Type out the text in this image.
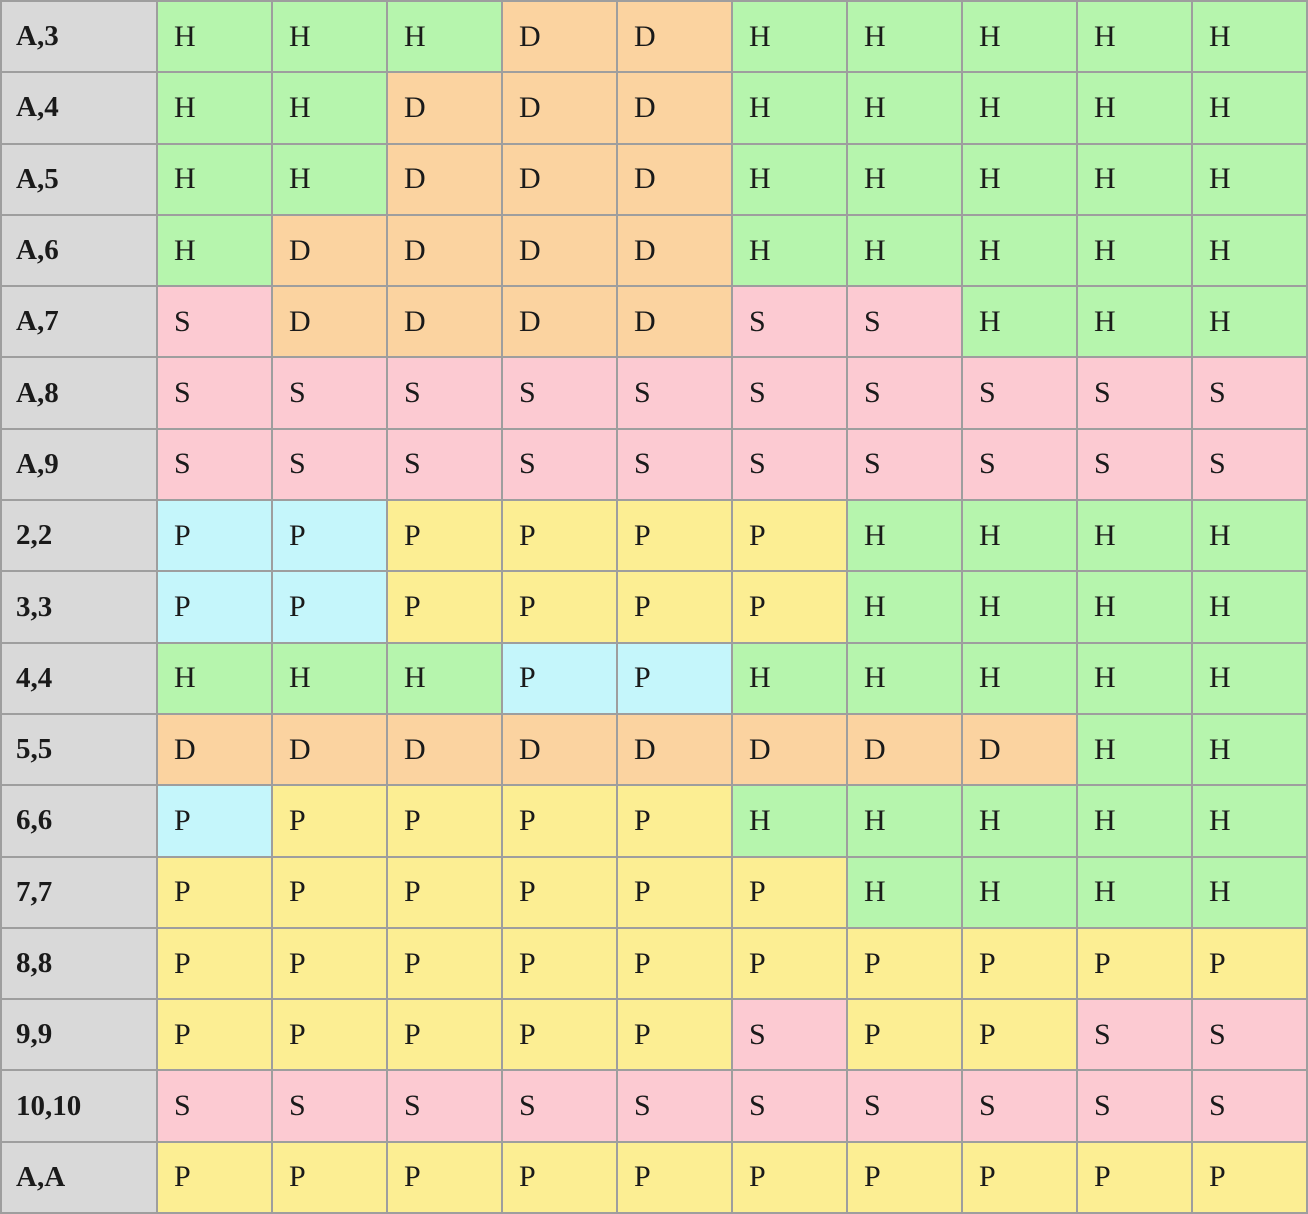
A,3	H	H	H	D	D	H	H	H	H	H
A,4	H	H	D	D	D	H	H	H	H	H
A,5	H	H	D	D	D	H	H	H	H	H
A,6	H	D	D	D	D	H	H	H	H	H
A,7	S	D	D	D	D	S	S	H	H	H
A,8	S	S	S	S	S	S	S	S	S	S
A,9	S	S	S	S	S	S	S	S	S	S
2,2	P	P	P	P	P	P	H	H	H	H
3,3	P	P	P	P	P	P	H	H	H	H
4,4	H	H	H	P	P	H	H	H	H	H
5,5	D	D	D	D	D	D	D	D	H	H
6,6	P	P	P	P	P	H	H	H	H	H
7,7	P	P	P	P	P	P	H	H	H	H
8,8	P	P	P	P	P	P	P	P	P	P
9,9	P	P	P	P	P	S	P	P	S	S
10,10	S	S	S	S	S	S	S	S	S	S
A,A	P	P	P	P	P	P	P	P	P	P
